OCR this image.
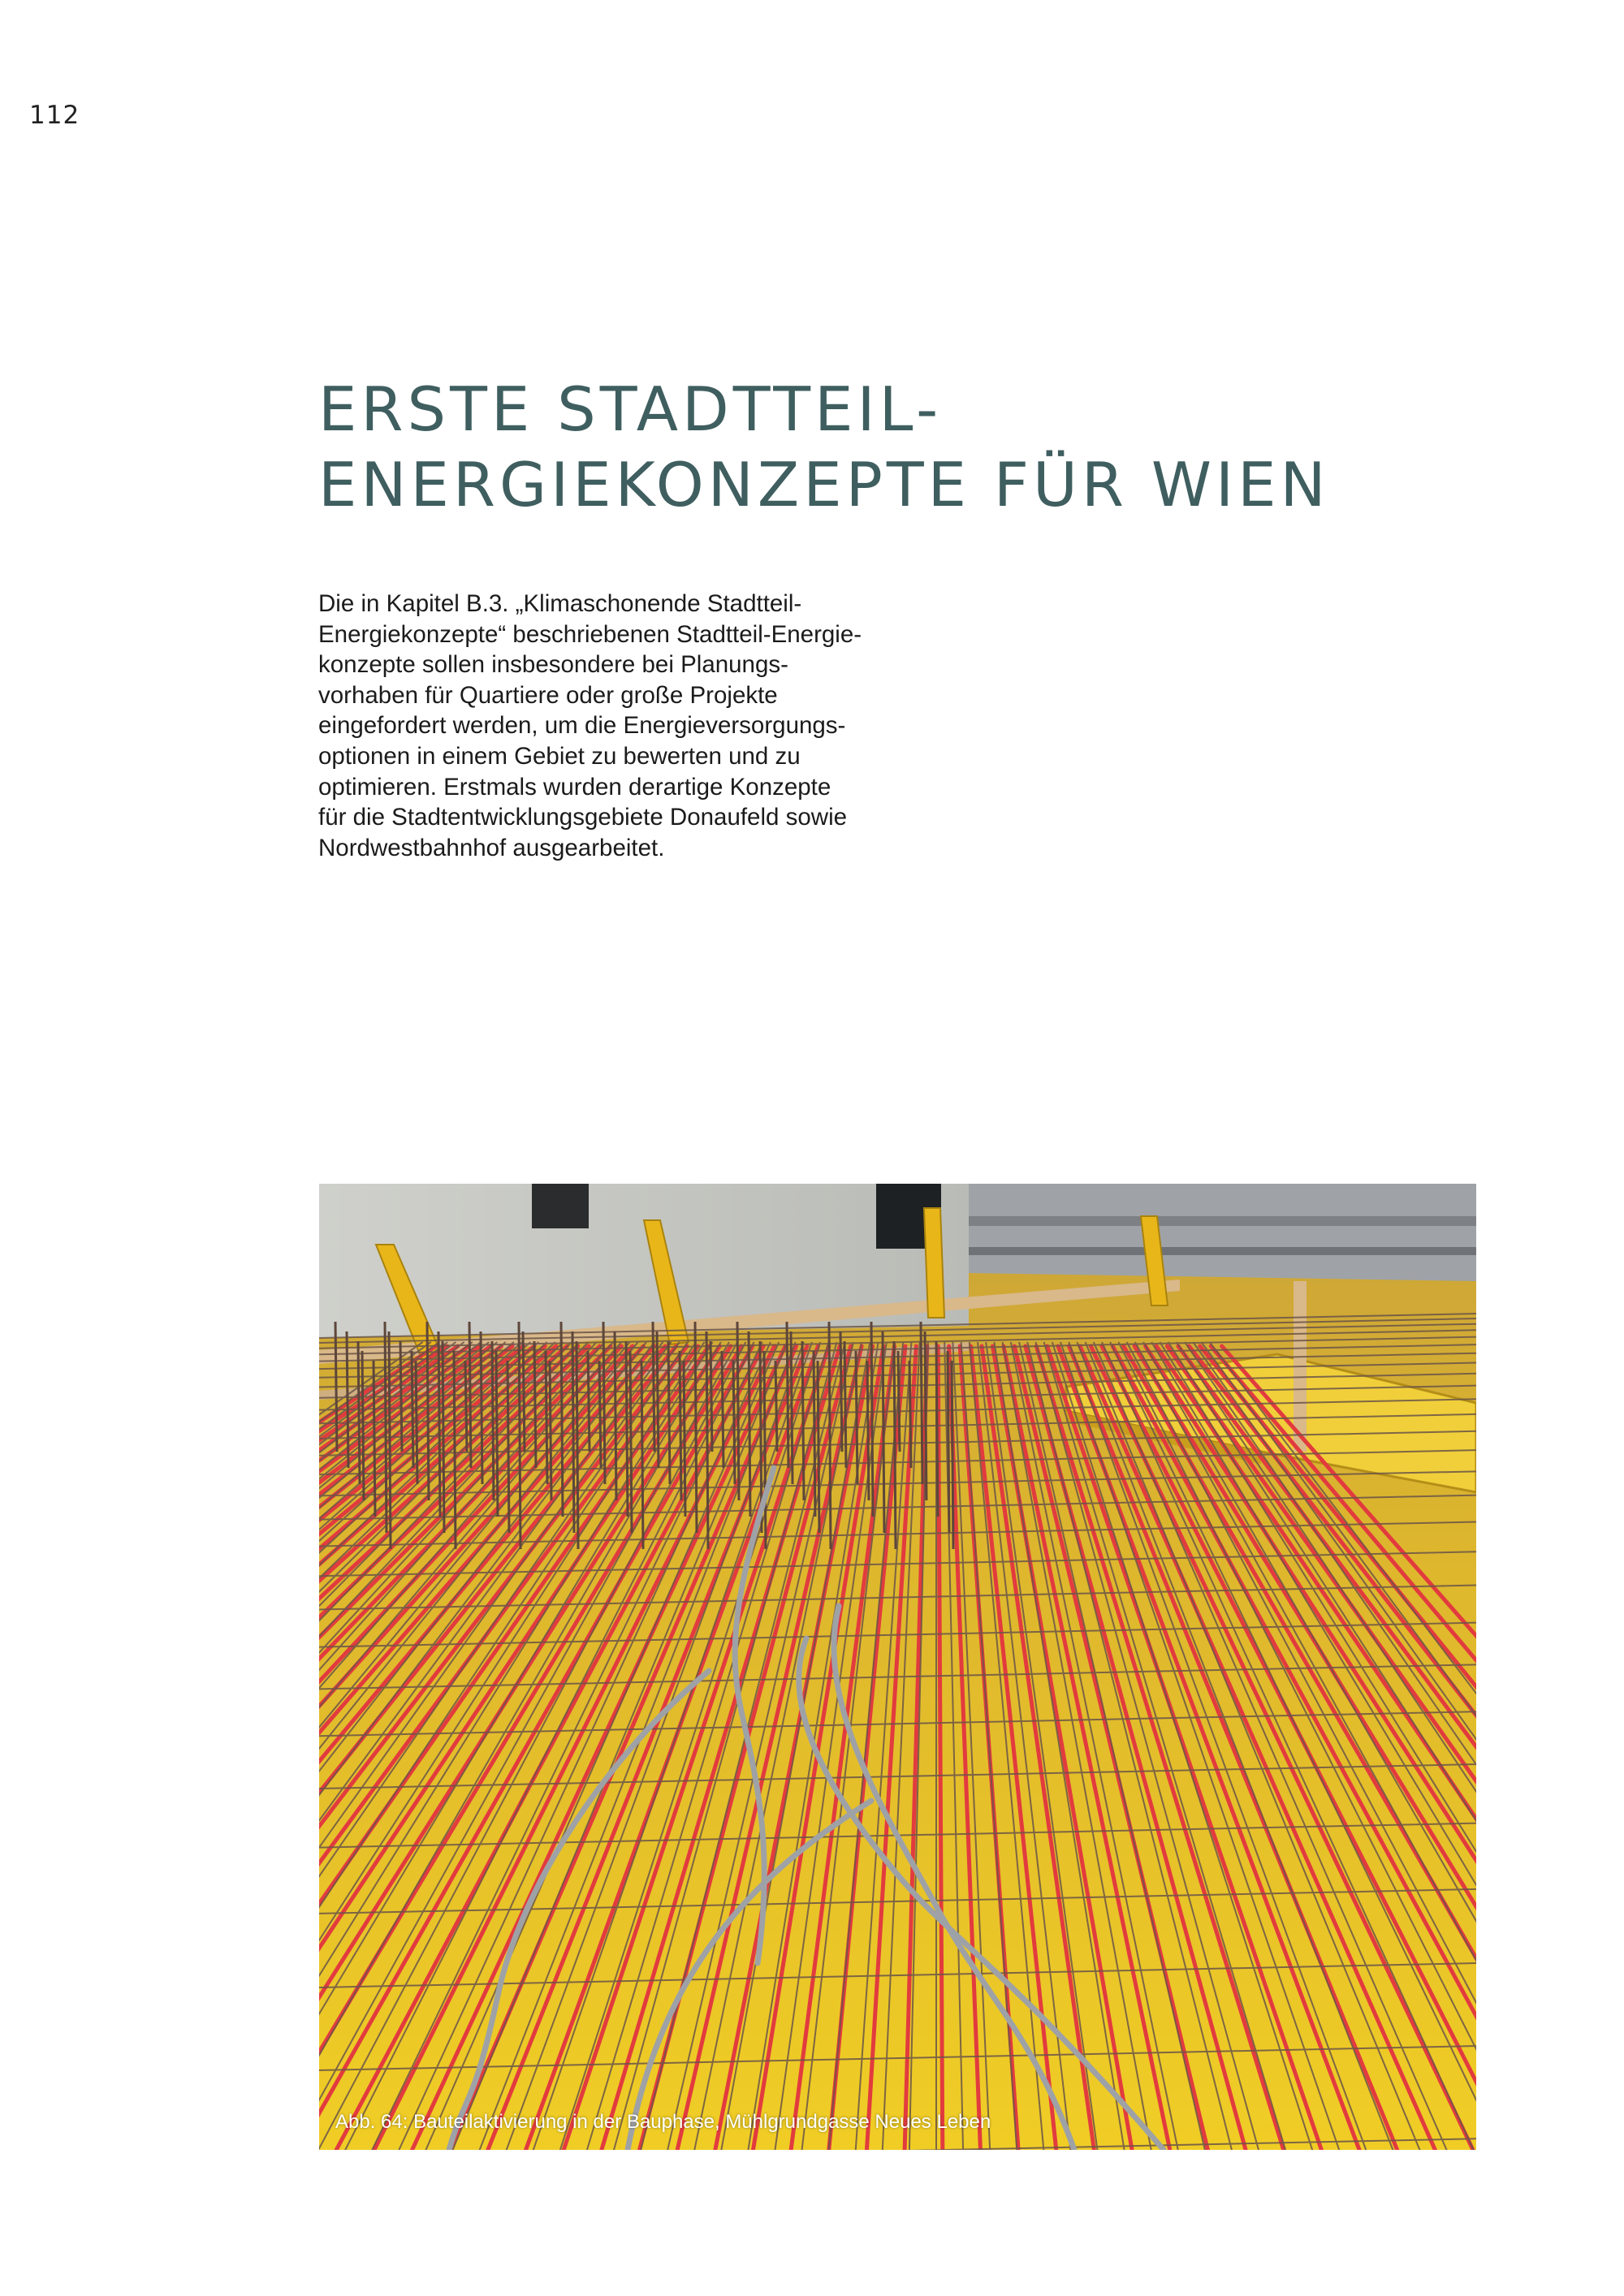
112
ERSTE STADTTEIL-
ENERGIEKONZEPTE FÜR WIEN

Die in Kapitel B.3. „Klimaschonende Stadtteil-
Energiekonzepte“ beschriebenen Stadtteil-Energie-
konzepte sollen insbesondere bei Planungs-
vorhaben für Quartiere oder große Projekte
eingefordert werden, um die Energieversorgungs-
optionen in einem Gebiet zu bewerten und zu
optimieren. Erstmals wurden derartige Konzepte
für die Stadtentwicklungsgebiete Donaufeld sowie
Nordwestbahnhof ausgearbeitet.

Abb. 64: Bauteilaktivierung in der Bauphase, Mühlgrundgasse Neues Leben
